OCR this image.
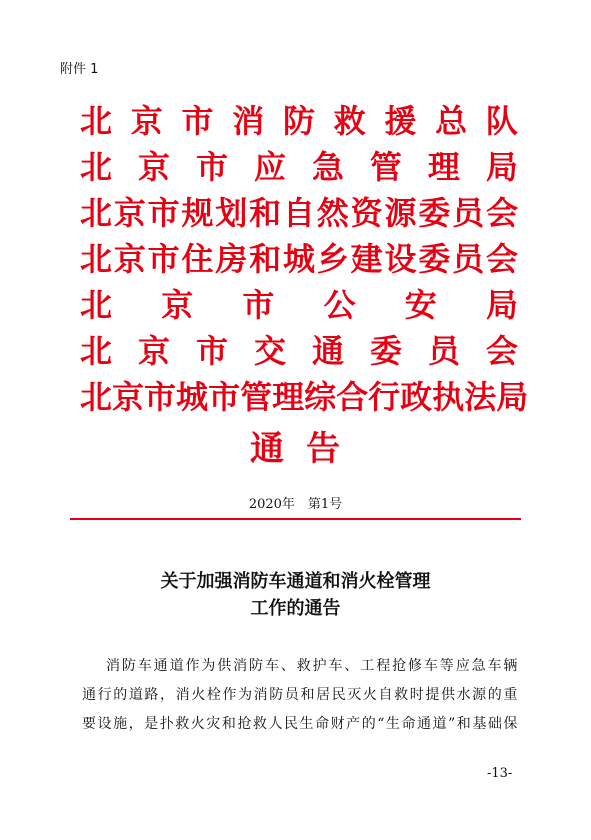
附件 1
北 京 市 消 防 救 援 总 队
北 京 市 应 急 管 理 局
北 京 市 规 划 和 自 然 资 源 委 员 会
北 京 市 住 房 和 城 乡 建 设 委 员 会
北 京 市 公 安 局
北 京 市 交 通 委 员 会
北 京 市 城 市 管 理 综 合 行 政 执 法 局
通 告
2020年　第1号
关于加强消防车通道和消火栓管理
工作的通告
消防车通道作为供消防车、救护车、工程抢修车等应急车辆
通行的道路，消火栓作为消防员和居民灭火自救时提供水源的重
要设施，是扑救火灾和抢救人民生命财产的“生命通道”和基础保
-13-
